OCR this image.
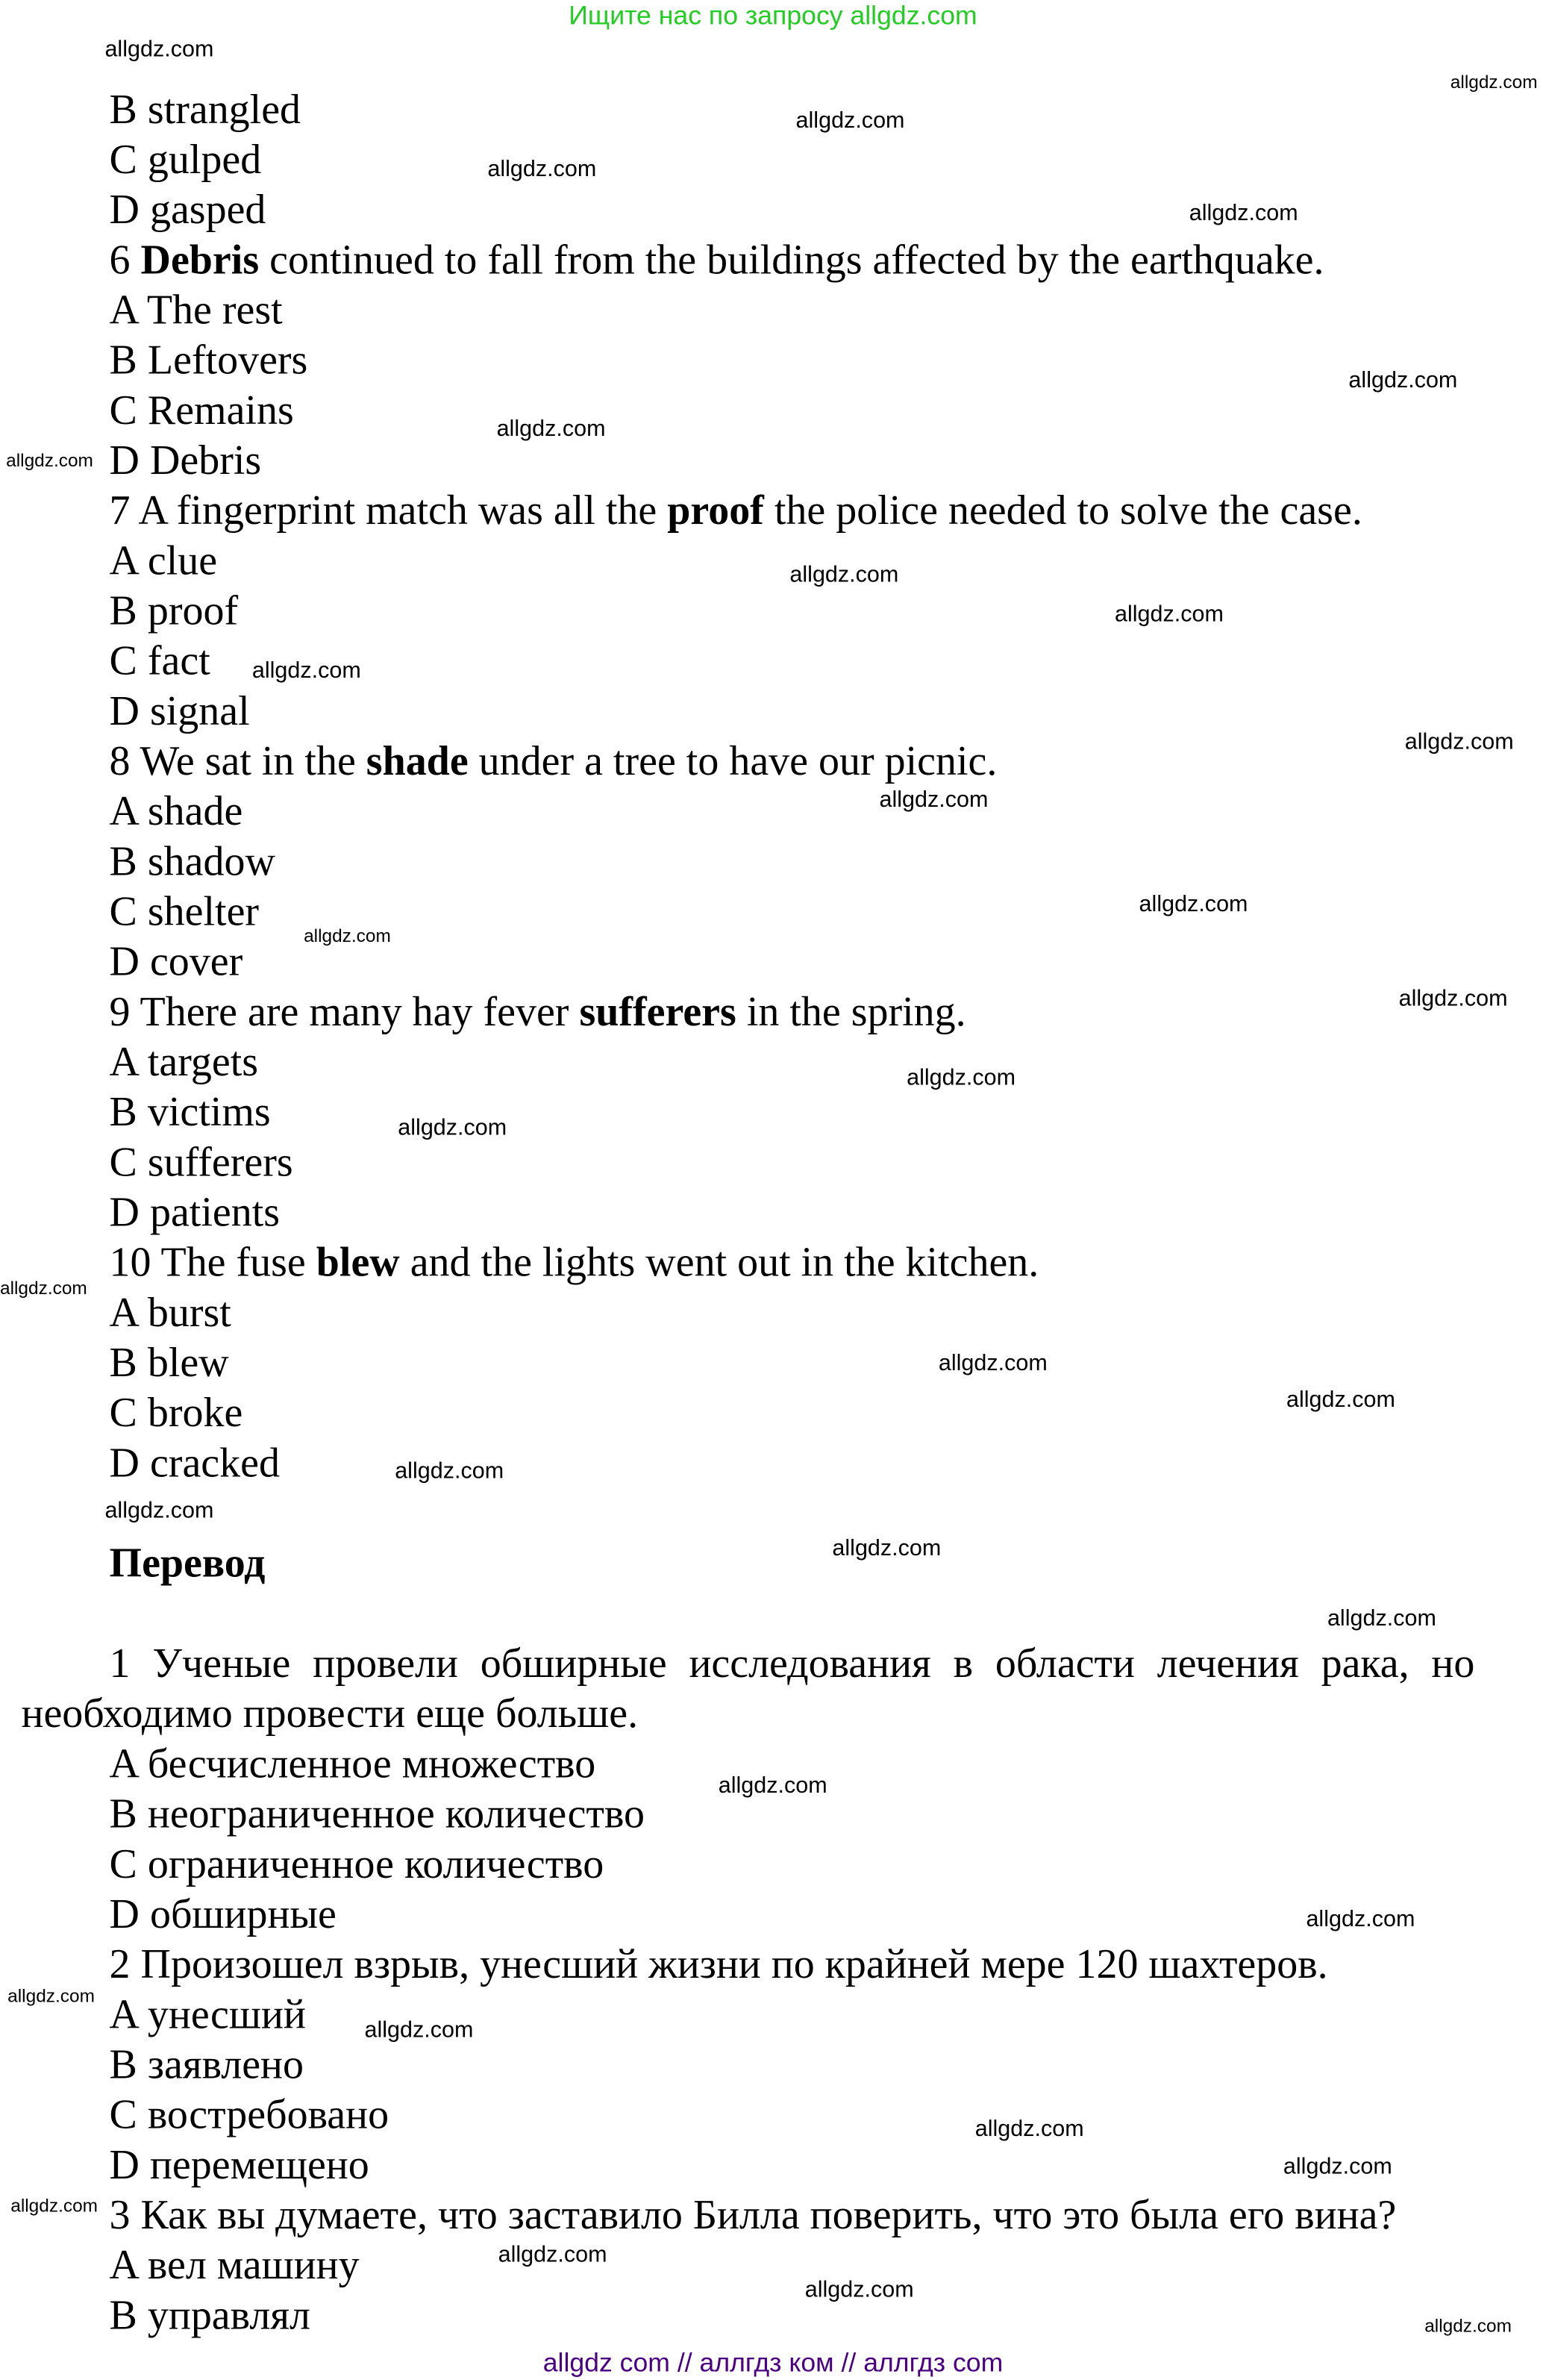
Ищите нас по запросу allgdz.com
B strangled
C gulped
D gasped
6 Debris continued to fall from the buildings affected by the earthquake.
A The rest
B Leftovers
C Remains
D Debris
7 A fingerprint match was all the proof the police needed to solve the case.
A clue
B proof
C fact
D signal
8 We sat in the shade under a tree to have our picnic.
A shade
B shadow
C shelter
D cover
9 There are many hay fever sufferers in the spring.
A targets
B victims
C sufferers
D patients
10 The fuse blew and the lights went out in the kitchen.
A burst
B blew
C broke
D cracked
Перевод
1 Ученые провели обширные исследования в области лечения рака, но
необходимо провести еще больше.
A бесчисленное множество
B неограниченное количество
C ограниченное количество
D обширные
2 Произошел взрыв, унесший жизни по крайней мере 120 шахтеров.
A унесший
B заявлено
C востребовано
D перемещено
3 Как вы думаете, что заставило Билла поверить, что это была его вина?
A вел машину
B управлял
allgdz.com
allgdz.com
allgdz.com
allgdz.com
allgdz.com
allgdz.com
allgdz.com
allgdz.com
allgdz.com
allgdz.com
allgdz.com
allgdz.com
allgdz.com
allgdz.com
allgdz.com
allgdz.com
allgdz.com
allgdz.com
allgdz.com
allgdz.com
allgdz.com
allgdz.com
allgdz.com
allgdz.com
allgdz.com
allgdz.com
allgdz.com
allgdz.com
allgdz.com
allgdz.com
allgdz.com
allgdz.com
allgdz.com
allgdz.com
allgdz.com
allgdz com // аллгдз ком // аллгдз com
